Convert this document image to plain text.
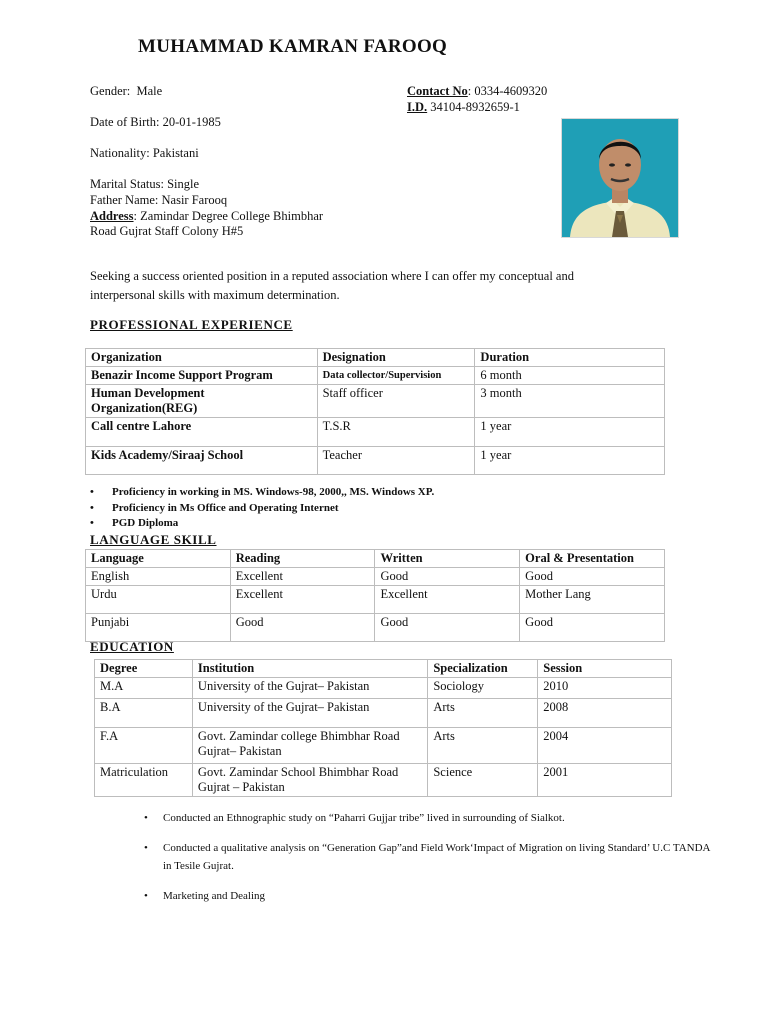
MUHAMMAD KAMRAN FAROOQ
Gender: Male
Date of Birth: 20-01-1985
Nationality: Pakistani
Marital Status: Single
Father Name: Nasir Farooq
Address: Zamindar Degree College Bhimbhar
Road Gujrat Staff Colony H#5
Contact No: 0334-4609320
I.D. 34104-8932659-1
Seeking a success oriented position in a reputed association where I can offer my conceptual and
interpersonal skills with maximum determination.
PROFESSIONAL EXPERIENCE
Organization	Designation	Duration
Benazir Income Support Program	Data collector/Supervision	6 month
Human Development Organization(REG)	Staff officer	3 month
Call centre Lahore	T.S.R	1 year
Kids Academy/Siraaj School	Teacher	1 year
• Proficiency in working in MS. Windows-98, 2000,, MS. Windows XP.
• Proficiency in Ms Office and Operating Internet
• PGD Diploma
LANGUAGE SKILL
Language	Reading	Written	Oral & Presentation
English	Excellent	Good	Good
Urdu	Excellent	Excellent	Mother Lang
Punjabi	Good	Good	Good
EDUCATION
Degree	Institution	Specialization	Session
M.A	University of the Gujrat– Pakistan	Sociology	2010
B.A	University of the Gujrat– Pakistan	Arts	2008
F.A	Govt. Zamindar college Bhimbhar Road Gujrat– Pakistan	Arts	2004
Matriculation	Govt. Zamindar School Bhimbhar Road Gujrat – Pakistan	Science	2001
• Conducted an Ethnographic study on “Paharri Gujjar tribe” lived in surrounding of Sialkot.
• Conducted a qualitative analysis on “Generation Gap”and Field Work‘Impact of Migration on living Standard’ U.C TANDA in Tesile Gujrat.
• Marketing and Dealing
